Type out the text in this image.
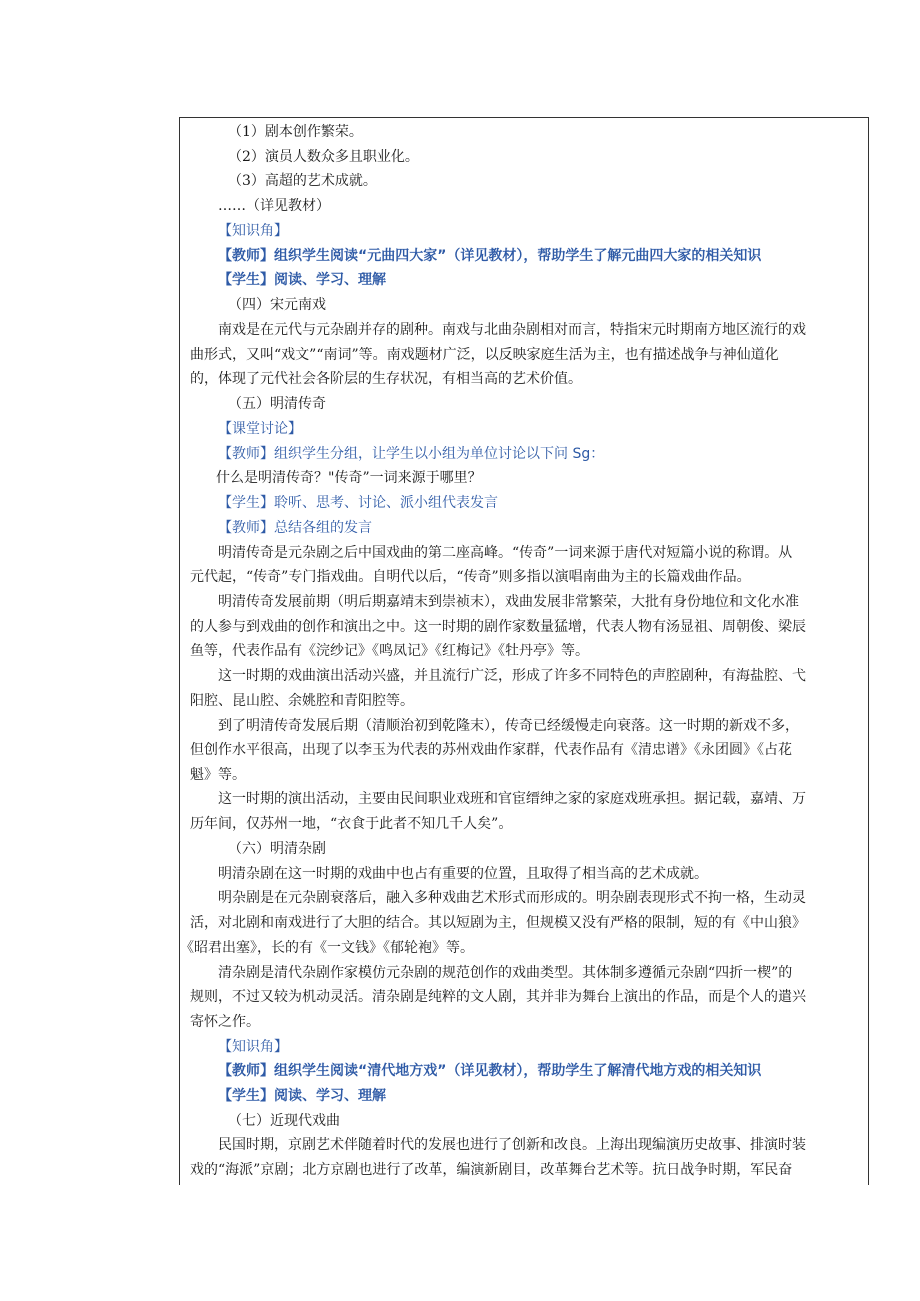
（1）剧本创作繁荣。
（2）演员人数众多且职业化。
（3）高超的艺术成就。
……（详见教材）
【知识角】
【教师】组织学生阅读“元曲四大家”（详见教材），帮助学生了解元曲四大家的相关知识
【学生】阅读、学习、理解
（四）宋元南戏
南戏是在元代与元杂剧并存的剧种。南戏与北曲杂剧相对而言，特指宋元时期南方地区流行的戏
曲形式，又叫“戏文”“南词”等。南戏题材广泛，以反映家庭生活为主，也有描述战争与神仙道化
的，体现了元代社会各阶层的生存状况，有相当高的艺术价值。
（五）明清传奇
【课堂讨论】
【教师】组织学生分组，让学生以小组为单位讨论以下问 Sg：
什么是明清传奇？"传奇”一词来源于哪里？
【学生】聆听、思考、讨论、派小组代表发言
【教师】总结各组的发言
明清传奇是元杂剧之后中国戏曲的第二座高峰。“传奇”一词来源于唐代对短篇小说的称谓。从
元代起，“传奇”专门指戏曲。自明代以后，“传奇”则多指以演唱南曲为主的长篇戏曲作品。
明清传奇发展前期（明后期嘉靖末到崇祯末），戏曲发展非常繁荣，大批有身份地位和文化水准
的人参与到戏曲的创作和演出之中。这一时期的剧作家数量猛增，代表人物有汤显祖、周朝俊、梁辰
鱼等，代表作品有《浣纱记》《鸣凤记》《红梅记》《牡丹亭》等。
这一时期的戏曲演出活动兴盛，并且流行广泛，形成了许多不同特色的声腔剧种，有海盐腔、弋
阳腔、昆山腔、余姚腔和青阳腔等。
到了明清传奇发展后期（清顺治初到乾隆末），传奇已经缓慢走向衰落。这一时期的新戏不多，
但创作水平很高，出现了以李玉为代表的苏州戏曲作家群，代表作品有《清忠谱》《永团圆》《占花
魁》等。
这一时期的演出活动，主要由民间职业戏班和官宦缙绅之家的家庭戏班承担。据记载，嘉靖、万
历年间，仅苏州一地，“衣食于此者不知几千人矣”。
（六）明清杂剧
明清杂剧在这一时期的戏曲中也占有重要的位置，且取得了相当高的艺术成就。
明杂剧是在元杂剧衰落后，融入多种戏曲艺术形式而形成的。明杂剧表现形式不拘一格，生动灵
活，对北剧和南戏进行了大胆的结合。其以短剧为主，但规模又没有严格的限制，短的有《中山狼》
《昭君出塞》，长的有《一文钱》《郁轮袍》等。
清杂剧是清代杂剧作家模仿元杂剧的规范创作的戏曲类型。其体制多遵循元杂剧“四折一楔”的
规则，不过又较为机动灵活。清杂剧是纯粹的文人剧，其并非为舞台上演出的作品，而是个人的遣兴
寄怀之作。
【知识角】
【教师】组织学生阅读“清代地方戏”（详见教材），帮助学生了解清代地方戏的相关知识
【学生】阅读、学习、理解
（七）近现代戏曲
民国时期，京剧艺术伴随着时代的发展也进行了创新和改良。上海出现编演历史故事、排演时装
戏的“海派”京剧；北方京剧也进行了改革，编演新剧目，改革舞台艺术等。抗日战争时期，军民奋
